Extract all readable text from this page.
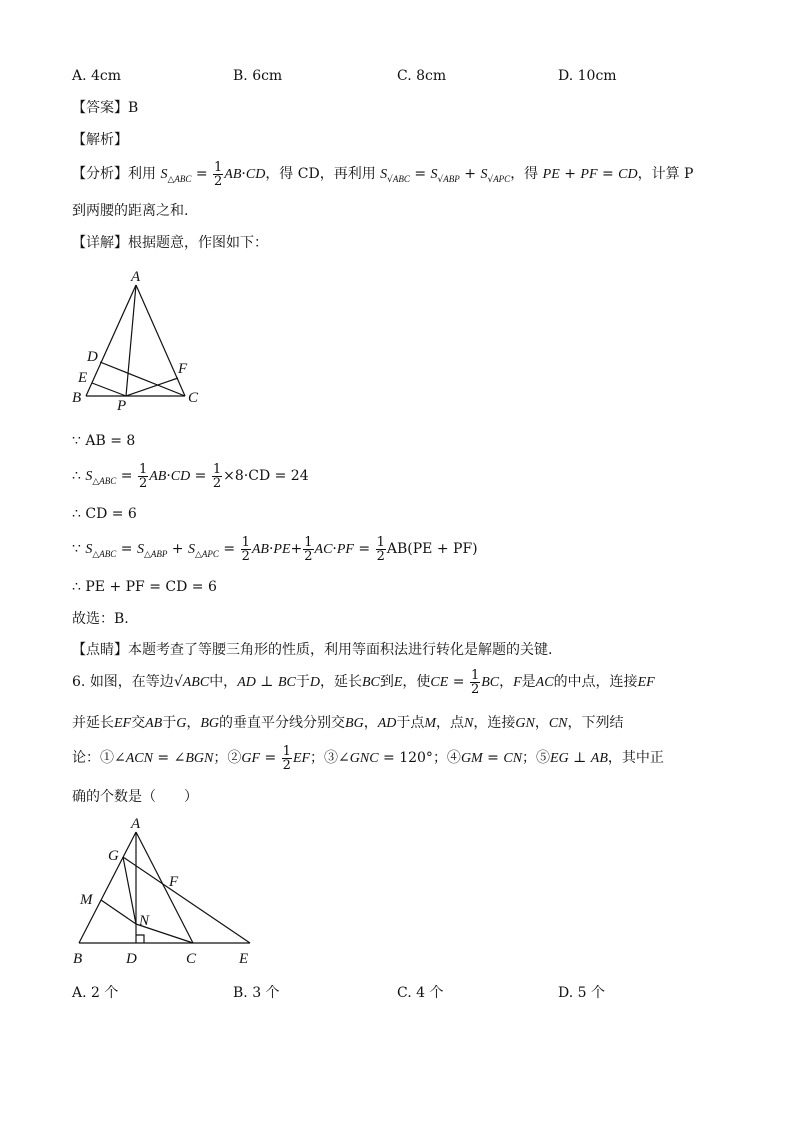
A. 4cm	B. 6cm	C. 8cm	D. 10cm
【答案】B
【解析】
【分析】利用 $S_{\triangle ABC} = \frac{1}{2} AB\cdot CD$，得 CD，再利用 $S_{√ABC} = S_{√ABP} + S_{√APC}$，得 PE + PF = CD，计算 P
到两腰的距离之和.
【详解】根据题意，作图如下：
A
D
E
B P
F
C
∵ AB = 8
∴ $S_{\triangle ABC} = \frac{1}{2} AB\cdot CD = \frac{1}{2} \times 8\cdot CD = 24$
∴ CD = 6
∵ $S_{\triangle ABC} = S_{\triangle ABP} + S_{\triangle APC} = \frac{1}{2} AB\cdot PE+ \frac{1}{2} AC\cdot PF = \frac{1}{2} AB(PE + PF)$
∴ PE + PF = CD = 6
故选：B.
【点睛】本题考查了等腰三角形的性质，利用等面积法进行转化是解题的关键.
6. 如图，在等边√ABC中，AD ⊥ BC于D，延长BC到E，使CE = $\frac{1}{2}$ BC，F是AC的中点，连接EF
并延长EF交AB于G，BG的垂直平分线分别交BG，AD于点M，点N，连接GN，CN，下列结
论：①∠ACN = ∠BGN；②GF = $\frac{1}{2}$ EF；③∠GNC = 120°；④GM = CN；⑤EG ⊥ AB，其中正
确的个数是（　　）
A
G
F
M
N
B	D	C	E
A. 2 个	B. 3 个	C. 4 个	D. 5 个
